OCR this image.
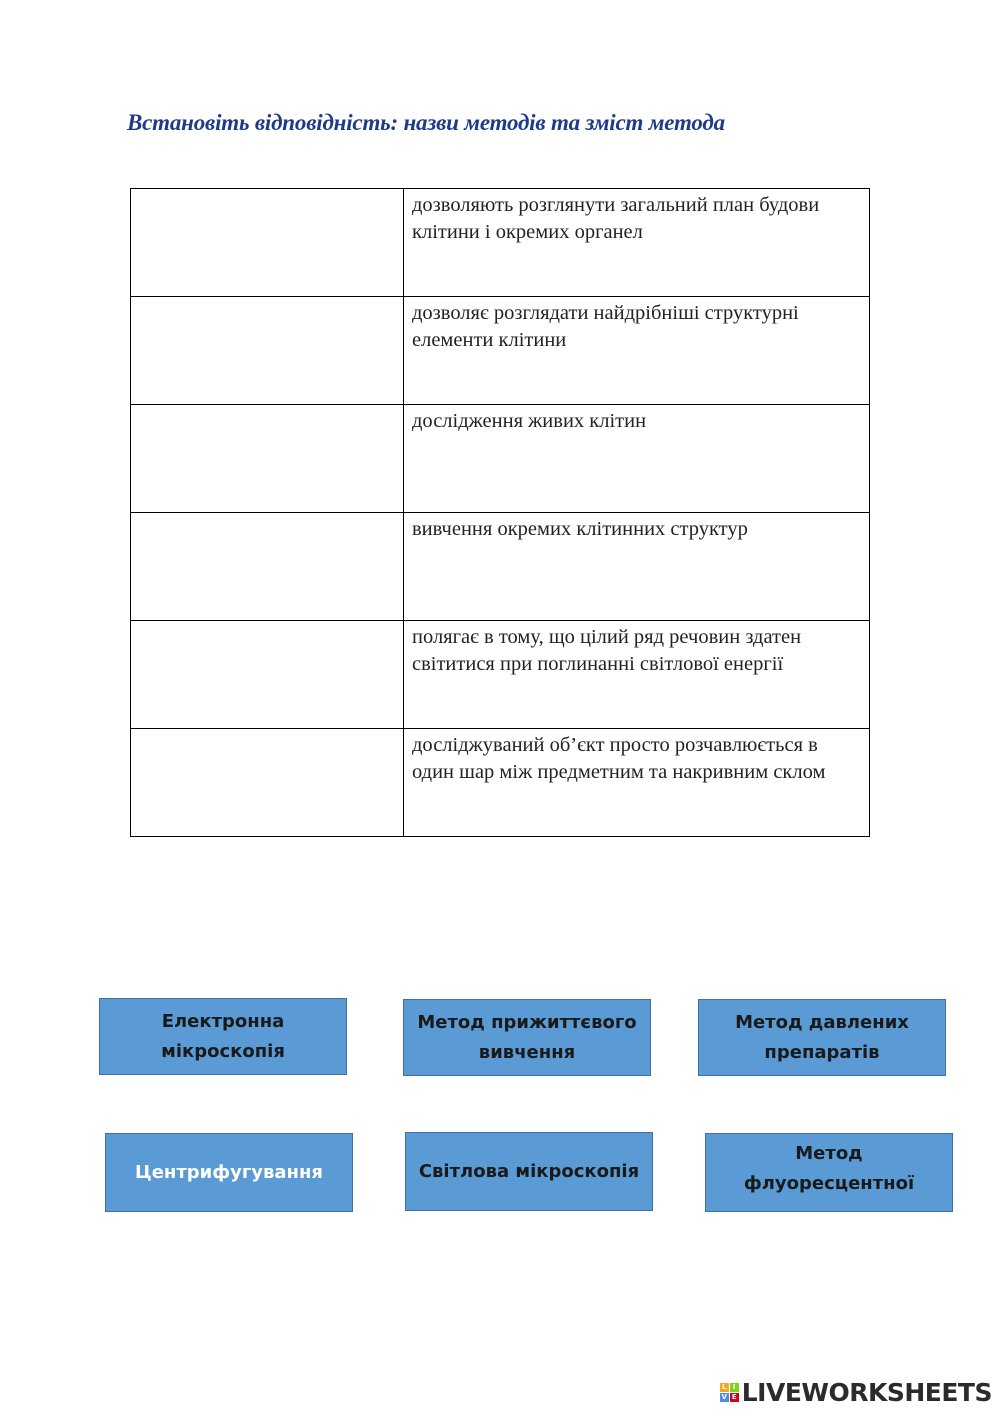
Встановіть відповідність: назви методів та зміст метода
	дозволяють розглянути загальний план будови клітини і окремих органел
	дозволяє розглядати найдрібніші структурні елементи клітини
	дослідження живих клітин
	вивчення окремих клітинних структур
	полягає в тому, що цілий ряд речовин здатен світитися при поглинанні світлової енергії
	досліджуваний об’єкт просто розчавлюється в один шар між предметним та накривним склом
Електронна мікроскопія
Метод прижиттєвого вивчення
Метод давлених препаратів
Центрифугування	Світлова мікроскопія
Метод флуоресцентної
L I
V E LIVEWORKSHEETS
